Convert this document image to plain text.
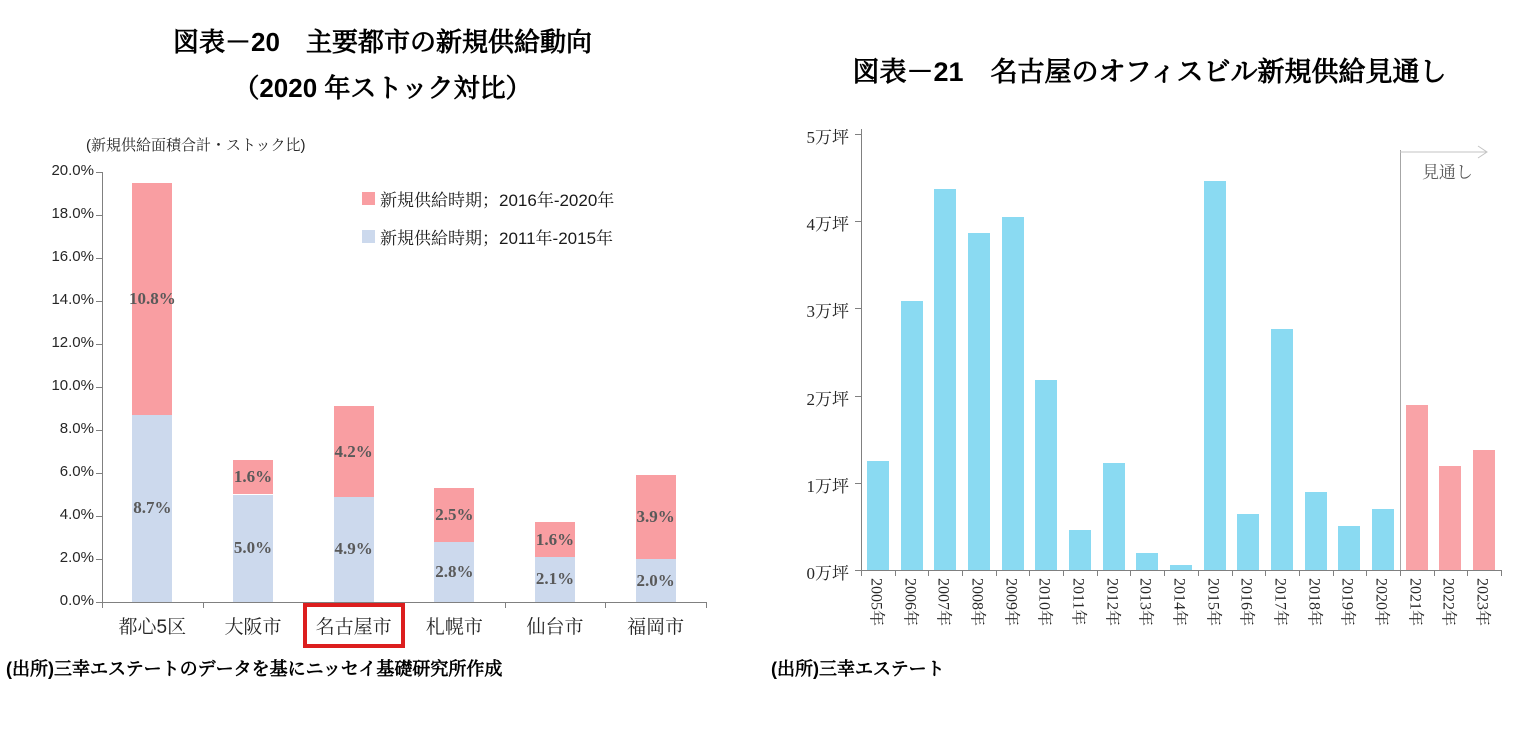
図表－20　主要都市の新規供給動向
（2020 年ストック対比）
(新規供給面積合計・ストック比)
新規供給時期；2016年-2020年
新規供給時期；2011年-2015年
(出所)三幸エステートのデータを基にニッセイ基礎研究所作成
0.0%
2.0%
4.0%
6.0%
8.0%
10.0%
12.0%
14.0%
16.0%
18.0%
20.0%
8.7%
10.8%
都心5区
5.0%
1.6%
大阪市
4.9%
4.2%
名古屋市
2.8%
2.5%
札幌市
2.1%
1.6%
仙台市
2.0%
3.9%
福岡市
図表－21　名古屋のオフィスビル新規供給見通し
(出所)三幸エステート
0万坪
1万坪
2万坪
3万坪
4万坪
5万坪
2005年	2006年	2007年	2008年	2009年	2010年	2011年	2012年	2013年	2014年	2015年	2016年	2017年	2018年	2019年	2020年	2021年	2022年	2023年
見通し
